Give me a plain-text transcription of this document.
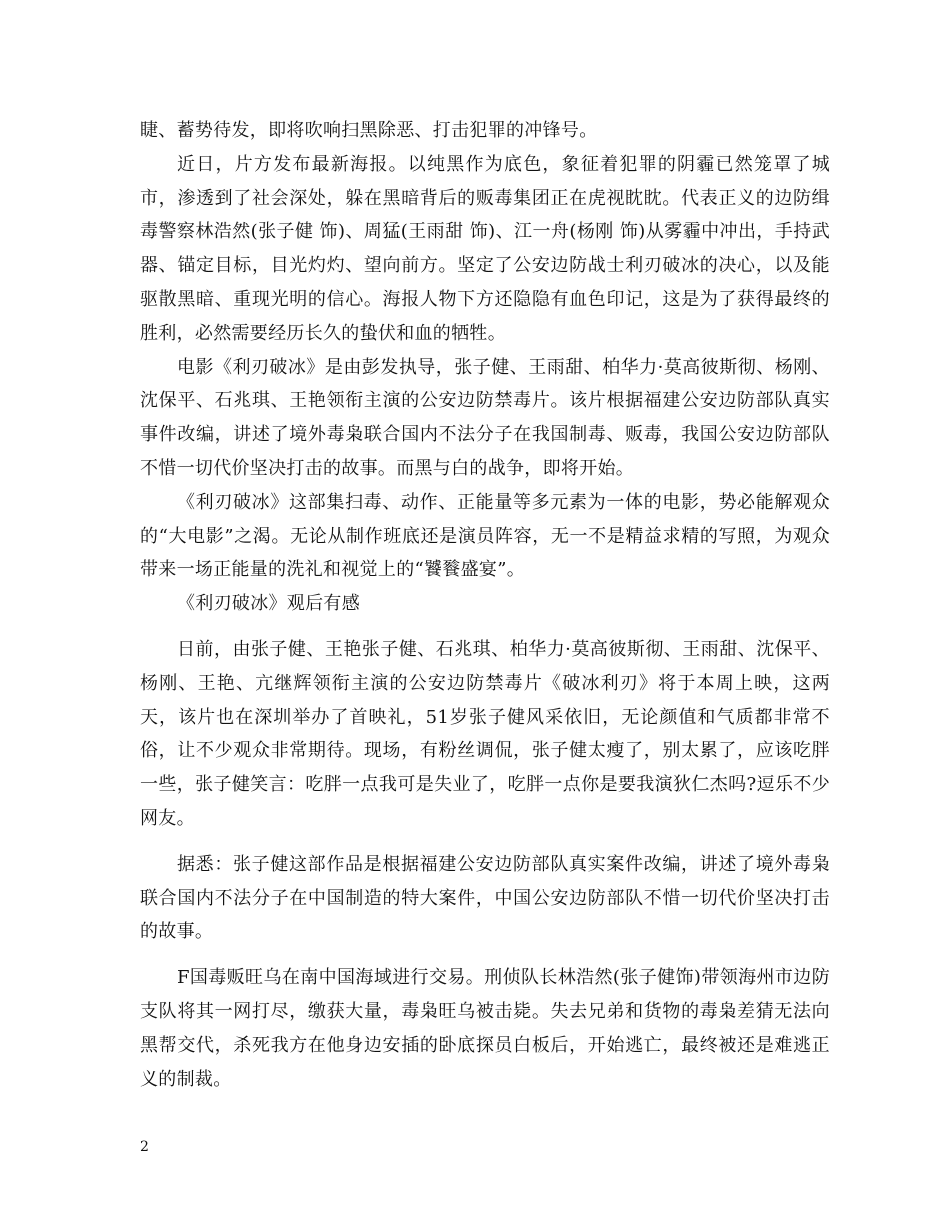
睫、蓄势待发，即将吹响扫黑除恶、打击犯罪的冲锋号。

近日，片方发布最新海报。以纯黑作为底色，象征着犯罪的阴霾已然笼罩了城市，渗透到了社会深处，躲在黑暗背后的贩毒集团正在虎视眈眈。代表正义的边防缉毒警察林浩然(张子健 饰)、周猛(王雨甜 饰)、江一舟(杨刚 饰)从雾霾中冲出，手持武器、锚定目标，目光灼灼、望向前方。坚定了公安边防战士利刃破冰的决心，以及能驱散黑暗、重现光明的信心。海报人物下方还隐隐有血色印记，这是为了获得最终的胜利，必然需要经历长久的蛰伏和血的牺牲。

电影《利刃破冰》是由彭发执导，张子健、王雨甜、柏华力·莫高彼斯彻、杨刚、沈保平、石兆琪、王艳领衔主演的公安边防禁毒片。该片根据福建公安边防部队真实事件改编，讲述了境外毒枭联合国内不法分子在我国制毒、贩毒，我国公安边防部队不惜一切代价坚决打击的故事。而黑与白的战争，即将开始。

《利刃破冰》这部集扫毒、动作、正能量等多元素为一体的电影，势必能解观众的“大电影”之渴。无论从制作班底还是演员阵容，无一不是精益求精的写照，为观众带来一场正能量的洗礼和视觉上的“饕餮盛宴”。

《利刃破冰》观后有感

日前，由张子健、王艳张子健、石兆琪、柏华力·莫高彼斯彻、王雨甜、沈保平、杨刚、王艳、亢继辉领衔主演的公安边防禁毒片《破冰利刃》将于本周上映，这两天，该片也在深圳举办了首映礼，51岁张子健风采依旧，无论颜值和气质都非常不俗，让不少观众非常期待。现场，有粉丝调侃，张子健太瘦了，别太累了，应该吃胖一些，张子健笑言：吃胖一点我可是失业了，吃胖一点你是要我演狄仁杰吗?逗乐不少网友。

据悉：张子健这部作品是根据福建公安边防部队真实案件改编，讲述了境外毒枭联合国内不法分子在中国制造的特大案件，中国公安边防部队不惜一切代价坚决打击的故事。

F国毒贩旺乌在南中国海域进行交易。刑侦队长林浩然(张子健饰)带领海州市边防支队将其一网打尽，缴获大量，毒枭旺乌被击毙。失去兄弟和货物的毒枭差猜无法向黑帮交代，杀死我方在他身边安插的卧底探员白板后，开始逃亡，最终被还是难逃正义的制裁。

2
